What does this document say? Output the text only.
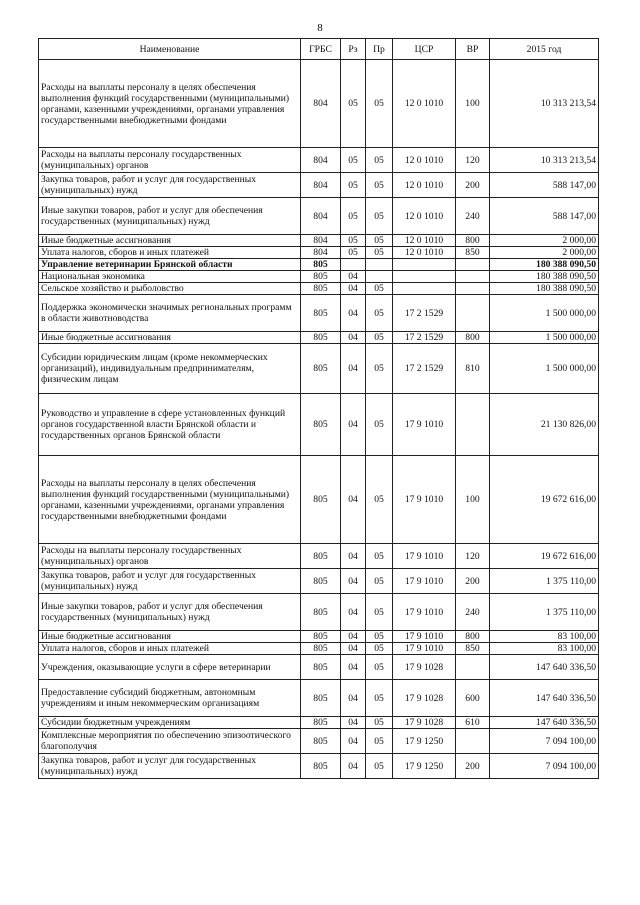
8
Наименование	ГРБС	Рз	Пр	ЦСР	ВР	2015 год
Расходы на выплаты персоналу в целях обеспечения выполнения функций государственными (муниципальными) органами, казенными учреждениями, органами управления государственными внебюджетными фондами	804	05	05	12 0 1010	100	10 313 213,54
Расходы на выплаты персоналу государственных (муниципальных) органов	804	05	05	12 0 1010	120	10 313 213,54
Закупка товаров, работ и услуг для государственных (муниципальных) нужд	804	05	05	12 0 1010	200	588 147,00
Иные закупки товаров, работ и услуг для обеспечения государственных (муниципальных) нужд	804	05	05	12 0 1010	240	588 147,00
Иные бюджетные ассигнования	804	05	05	12 0 1010	800	2 000,00
Уплата налогов, сборов и иных платежей	804	05	05	12 0 1010	850	2 000,00
Управление ветеринарии Брянской области	805					180 388 090,50
Национальная экономика	805	04				180 388 090,50
Сельское хозяйство и рыболовство	805	04	05			180 388 090,50
Поддержка экономически значимых региональных программ в области животноводства	805	04	05	17 2 1529		1 500 000,00
Иные бюджетные ассигнования	805	04	05	17 2 1529	800	1 500 000,00
Субсидии юридическим лицам (кроме некоммерческих организаций), индивидуальным предпринимателям, физическим лицам	805	04	05	17 2 1529	810	1 500 000,00
Руководство и управление в сфере установленных функций органов государственной власти Брянской области и государственных органов Брянской области	805	04	05	17 9 1010		21 130 826,00
Расходы на выплаты персоналу в целях обеспечения выполнения функций государственными (муниципальными) органами, казенными учреждениями, органами управления государственными внебюджетными фондами	805	04	05	17 9 1010	100	19 672 616,00
Расходы на выплаты персоналу государственных (муниципальных) органов	805	04	05	17 9 1010	120	19 672 616,00
Закупка товаров, работ и услуг для государственных (муниципальных) нужд	805	04	05	17 9 1010	200	1 375 110,00
Иные закупки товаров, работ и услуг для обеспечения государственных (муниципальных) нужд	805	04	05	17 9 1010	240	1 375 110,00
Иные бюджетные ассигнования	805	04	05	17 9 1010	800	83 100,00
Уплата налогов, сборов и иных платежей	805	04	05	17 9 1010	850	83 100,00
Учреждения, оказывающие услуги в сфере ветеринарии	805	04	05	17 9 1028		147 640 336,50
Предоставление субсидий бюджетным, автономным учреждениям и иным некоммерческим организациям	805	04	05	17 9 1028	600	147 640 336,50
Субсидии бюджетным учреждениям	805	04	05	17 9 1028	610	147 640 336,50
Комплексные мероприятия по обеспечению эпизоотического благополучия	805	04	05	17 9 1250		7 094 100,00
Закупка товаров, работ и услуг для государственных (муниципальных) нужд	805	04	05	17 9 1250	200	7 094 100,00
